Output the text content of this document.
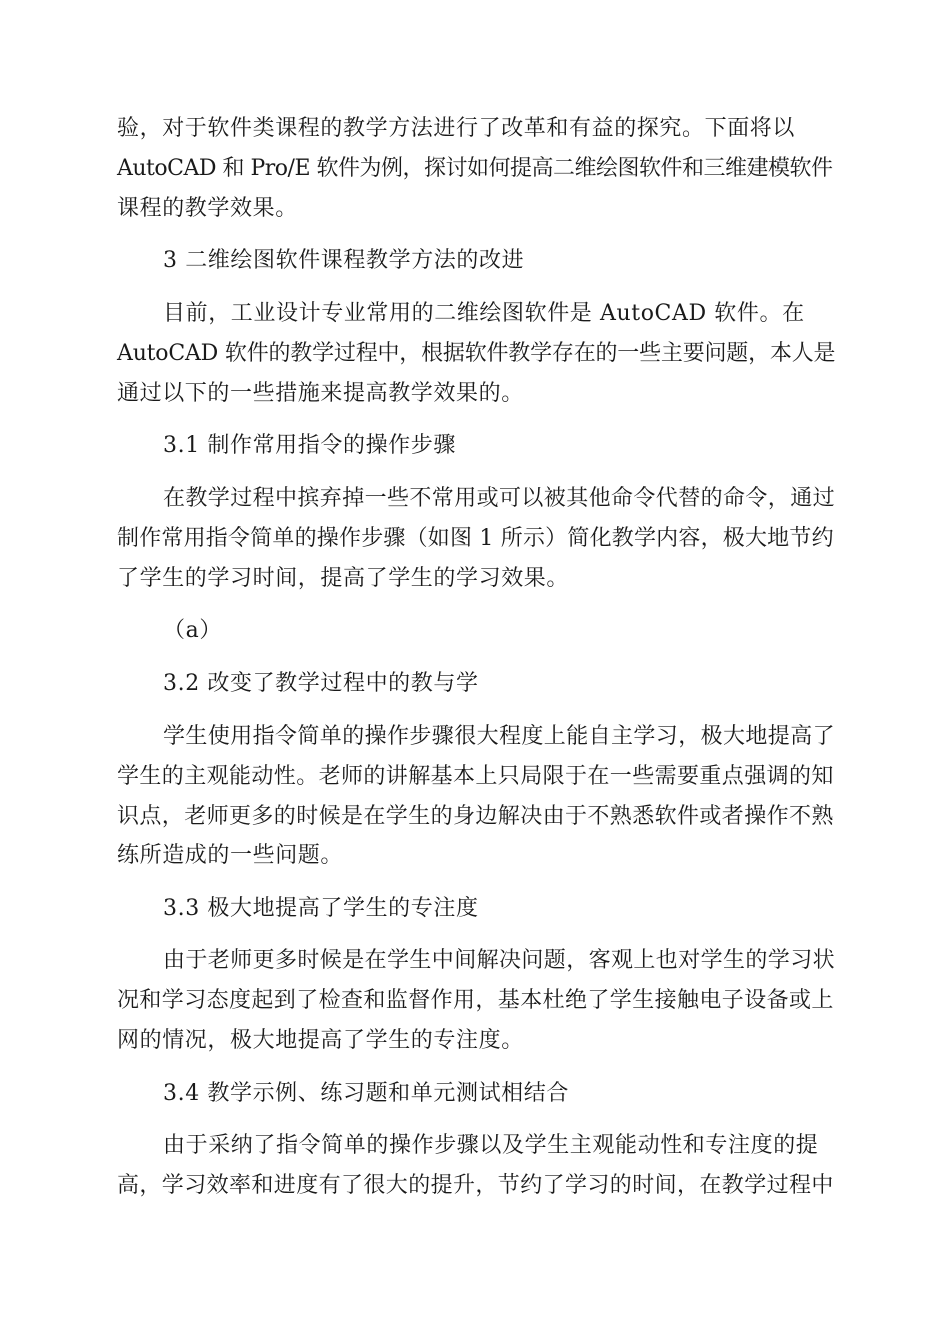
验，对于软件类课程的教学方法进行了改革和有益的探究。下面将以
AutoCAD 和 Pro/E 软件为例，探讨如何提高二维绘图软件和三维建模软件
课程的教学效果。
3 二维绘图软件课程教学方法的改进
目前，工业设计专业常用的二维绘图软件是 AutoCAD 软件。在
AutoCAD 软件的教学过程中，根据软件教学存在的一些主要问题，本人是
通过以下的一些措施来提高教学效果的。
3.1 制作常用指令的操作步骤
在教学过程中摈弃掉一些不常用或可以被其他命令代替的命令，通过
制作常用指令简单的操作步骤（如图 1 所示）简化教学内容，极大地节约
了学生的学习时间，提高了学生的学习效果。
（a）
3.2 改变了教学过程中的教与学
学生使用指令简单的操作步骤很大程度上能自主学习，极大地提高了
学生的主观能动性。老师的讲解基本上只局限于在一些需要重点强调的知
识点，老师更多的时候是在学生的身边解决由于不熟悉软件或者操作不熟
练所造成的一些问题。
3.3 极大地提高了学生的专注度
由于老师更多时候是在学生中间解决问题，客观上也对学生的学习状
况和学习态度起到了检查和监督作用，基本杜绝了学生接触电子设备或上
网的情况，极大地提高了学生的专注度。
3.4 教学示例、练习题和单元测试相结合
由于采纳了指令简单的操作步骤以及学生主观能动性和专注度的提
高，学习效率和进度有了很大的提升，节约了学习的时间，在教学过程中
